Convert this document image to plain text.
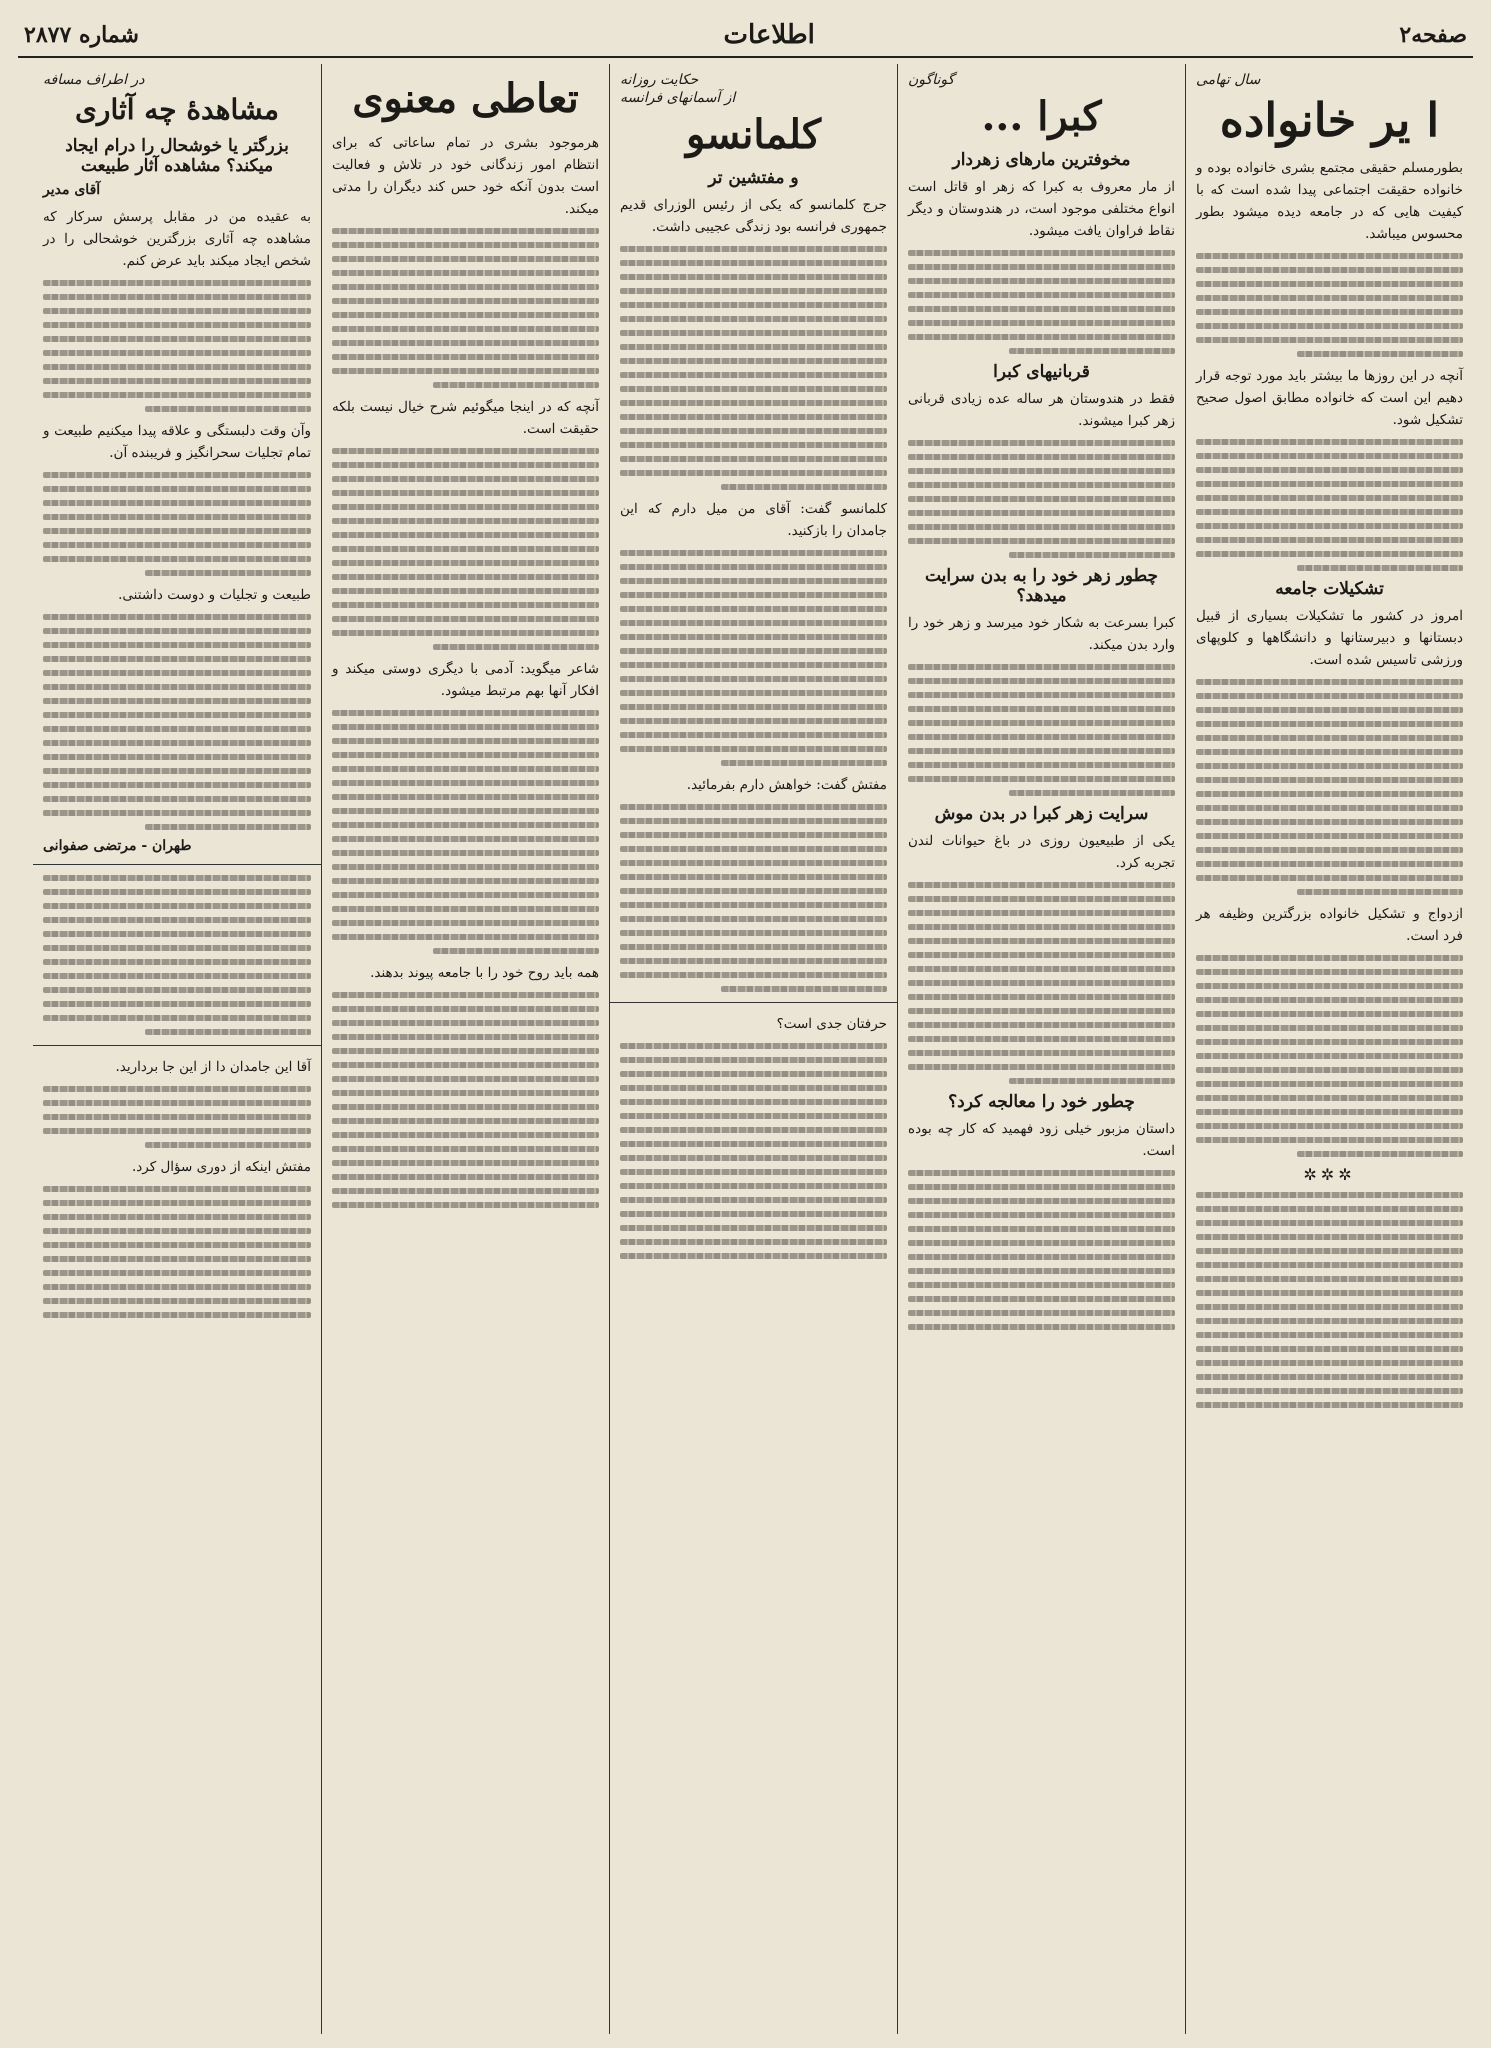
صفحه۲
اطلاعات
شماره ۲۸۷۷
سال تهامی
ا یر خانواده

بطورمسلم حقیقی مجتمع بشری خانواده بوده و خانواده حقیقت اجتماعی پیدا شده است که با کیفیت هایی که در جامعه دیده میشود بطور محسوس میباشد.

آنچه در این روزها ما بیشتر باید مورد توجه قرار دهیم این است که خانواده مطابق اصول صحیح تشکیل شود.

تشکیلات جامعه

امروز در کشور ما تشکیلات بسیاری از قبیل دبستانها و دبیرستانها و دانشگاهها و کلوپهای ورزشی تاسیس شده است.

ازدواج و تشکیل خانواده بزرگترین وظیفه هر فرد است.

✲✲✲
گوناگون
کبرا ...
مخوفترین مارهای زهردار

از مار معروف به کبرا که زهر او قاتل است انواع مختلفی موجود است، در هندوستان و دیگر نقاط فراوان یافت میشود.

قربانیهای کبرا

فقط در هندوستان هر ساله عده زیادی قربانی زهر کبرا میشوند.

چطور زهر خود را به بدن سرایت میدهد؟

کبرا بسرعت به شکار خود میرسد و زهر خود را وارد بدن میکند.

سرایت زهر کبرا در بدن موش

یکی از طبیعیون روزی در باغ حیوانات لندن تجربه کرد.

چطور خود را معالجه کرد؟

داستان مزبور خیلی زود فهمید که کار چه بوده است.

حکایت روزانه
از آسمانهای فرانسه
کلمانسو
و مفتشین تر

جرج کلمانسو که یکی از رئیس الوزرای قدیم جمهوری فرانسه بود زندگی عجیبی داشت.

کلمانسو گفت: آقای من میل دارم که این جامدان را بازکنید.

مفتش گفت: خواهش دارم بفرمائید.

حرفتان جدی است؟

تعاطی معنوی

هرموجود بشری در تمام ساعاتی که برای انتظام امور زندگانی خود در تلاش و فعالیت است بدون آنکه خود حس کند دیگران را مدتی میکند.

آنچه که در اینجا میگوئیم شرح خیال نیست بلکه حقیقت است.

شاعر میگوید: آدمی با دیگری دوستی میکند و افکار آنها بهم مرتبط میشود.

همه باید روح خود را با جامعه پیوند بدهند.

در اطراف مسافه
مشاهدهٔ چه آثاری
بزرگتر یا خوشحال را درام ایجاد میکند؟ مشاهده آثار طبیعت
آقای مدیر

به عقیده من در مقابل پرسش سرکار که مشاهده چه آثاری بزرگترین خوشحالی را در شخص ایجاد میکند باید عرض کنم.

وآن وقت دلبستگی و علاقه پیدا میکنیم طبیعت و تمام تجلیات سحرانگیز و فریبنده آن.

طبیعت و تجلیات و دوست داشتنی.

طهران - مرتضی صفوانی

آقا این جامدان دا از این جا بردارید.

مفتش اینکه از دوری سؤال کرد.
